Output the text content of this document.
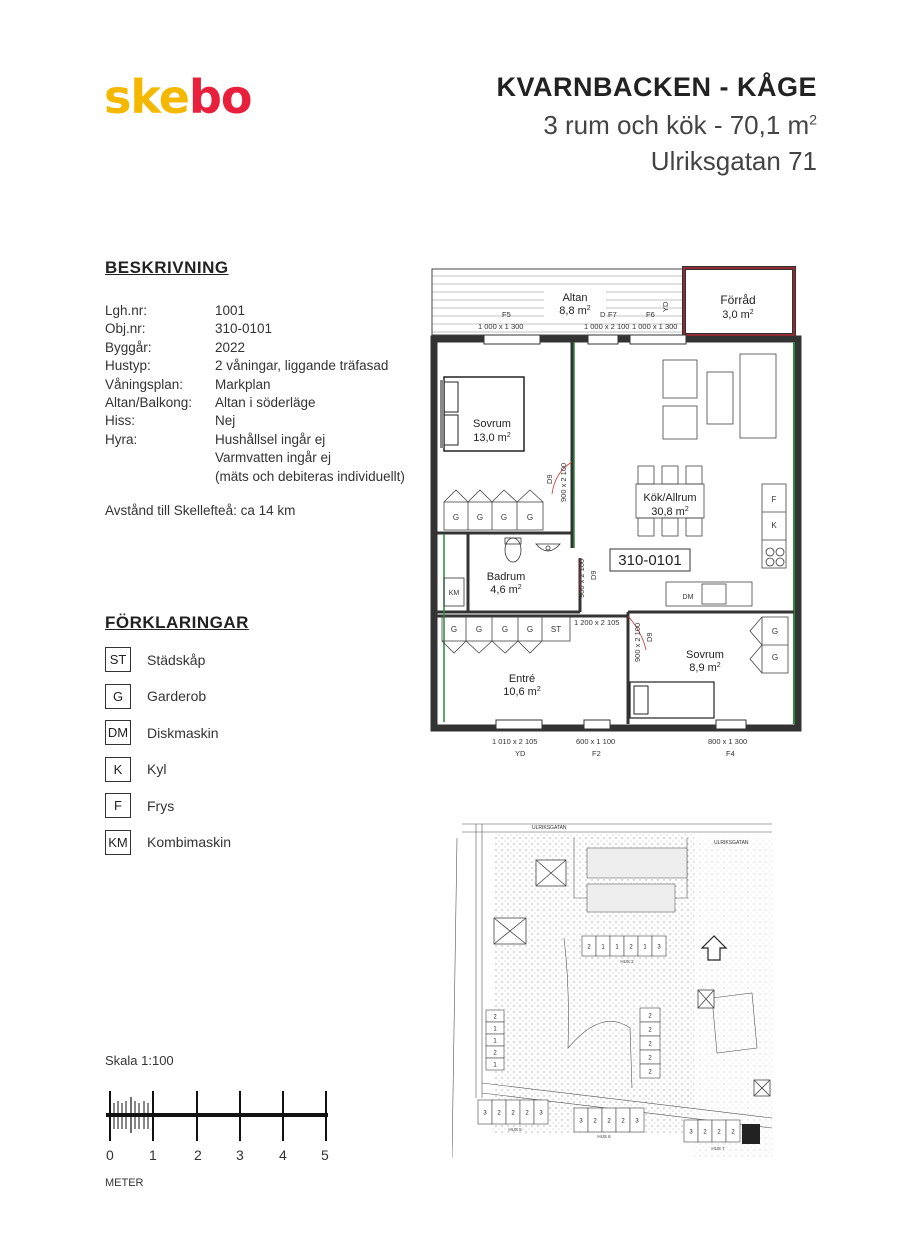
skebo	KVARNBACKEN - KÅGE
3 rum och kök - 70,1 $m^2$
Ulriksgatan 71
BESKRIVNING
Lgh.nr:	1001
Obj.nr:	310-0101
Byggår:	2022
Hustyp:	2 våningar, liggande träfasad
Våningsplan:	Markplan
Altan/Balkong:	Altan i söderläge
Hiss:	Nej
Hyra:	Hushållsel ingår ej
Varmvatten ingår ej
(mäts och debiteras individuellt)
Avstånd till Skellefteå: ca 14 km
FÖRKLARINGAR
ST	Städskåp
G	Garderob
DM Diskmaskin
K	Kyl
F	Frys
KM Kombimaskin
G G G G
KM
F
K
DM
G G G G ST	G
G
Altan
8,8 $m^2$
Förråd
3,0 $m^2$
Sovrum
13,0 $m^2$
Kök/Allrum
30,8 $m^2$
Badrum
4,6 $m^2$
Entré
10,6 $m^2$
Sovrum
8,9 $m^2$
310-0101
F5
1 000 x 1 300
D F7
1 000 x 2 100
F6
1 000 x 1 300
YD
D9 900 x 2 100
D9
900 x 2 100
D9
900 x 2 100
1 200 x 2 105
1 010 x 2 105
YD
600 x 1 100
F2
800 x 1 300
F4
ULRIKSGATAN
ULRIKSGATAN
2 1 1 2 1 3
2
1
1
2
1
2
2
2
2
2
3 2 2 2 3
3 2 2 2 3
3 2 2 2
HUS 2
HUS 5
HUS 6
HUS 7
Skala 1:100
0	1	2 3	4 5
METER
